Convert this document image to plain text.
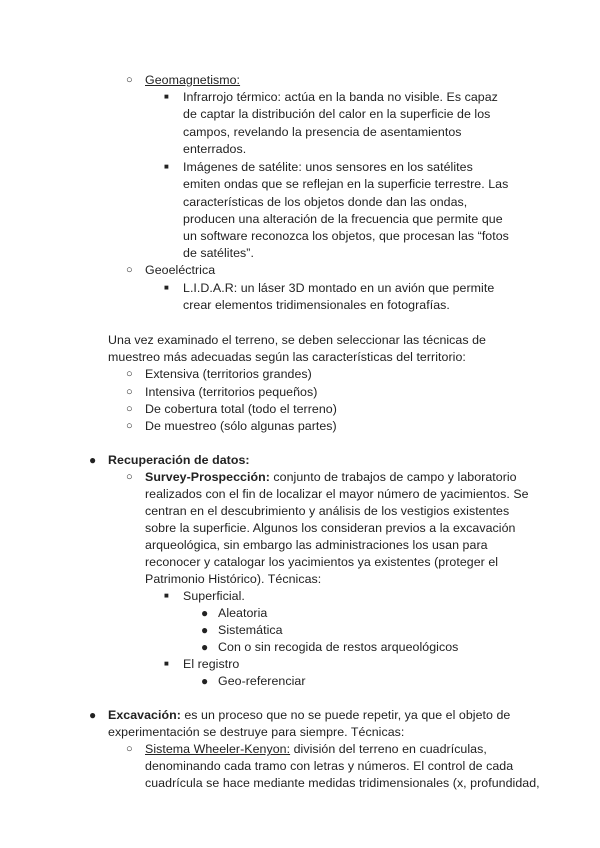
○ Geomagnetismo:
■ Infrarrojo térmico: actúa en la banda no visible. Es capaz
de captar la distribución del calor en la superficie de los
campos, revelando la presencia de asentamientos
enterrados.
■ Imágenes de satélite: unos sensores en los satélites
emiten ondas que se reflejan en la superficie terrestre. Las
características de los objetos donde dan las ondas,
producen una alteración de la frecuencia que permite que
un software reconozca los objetos, que procesan las “fotos
de satélites”.
○ Geoeléctrica
■ L.I.D.A.R: un láser 3D montado en un avión que permite
crear elementos tridimensionales en fotografías.
Una vez examinado el terreno, se deben seleccionar las técnicas de
muestreo más adecuadas según las características del territorio:
○ Extensiva (territorios grandes)
○ Intensiva (territorios pequeños)
○ De cobertura total (todo el terreno)
○ De muestreo (sólo algunas partes)
● Recuperación de datos:
○ Survey-Prospección: conjunto de trabajos de campo y laboratorio
realizados con el fin de localizar el mayor número de yacimientos. Se
centran en el descubrimiento y análisis de los vestigios existentes
sobre la superficie. Algunos los consideran previos a la excavación
arqueológica, sin embargo las administraciones los usan para
reconocer y catalogar los yacimientos ya existentes (proteger el
Patrimonio Histórico). Técnicas:
■ Superficial.
● Aleatoria
● Sistemática
● Con o sin recogida de restos arqueológicos
■ El registro
● Geo-referenciar
● Excavación: es un proceso que no se puede repetir, ya que el objeto de
experimentación se destruye para siempre. Técnicas:
○ Sistema Wheeler-Kenyon: división del terreno en cuadrículas,
denominando cada tramo con letras y números. El control de cada
cuadrícula se hace mediante medidas tridimensionales (x, profundidad,
